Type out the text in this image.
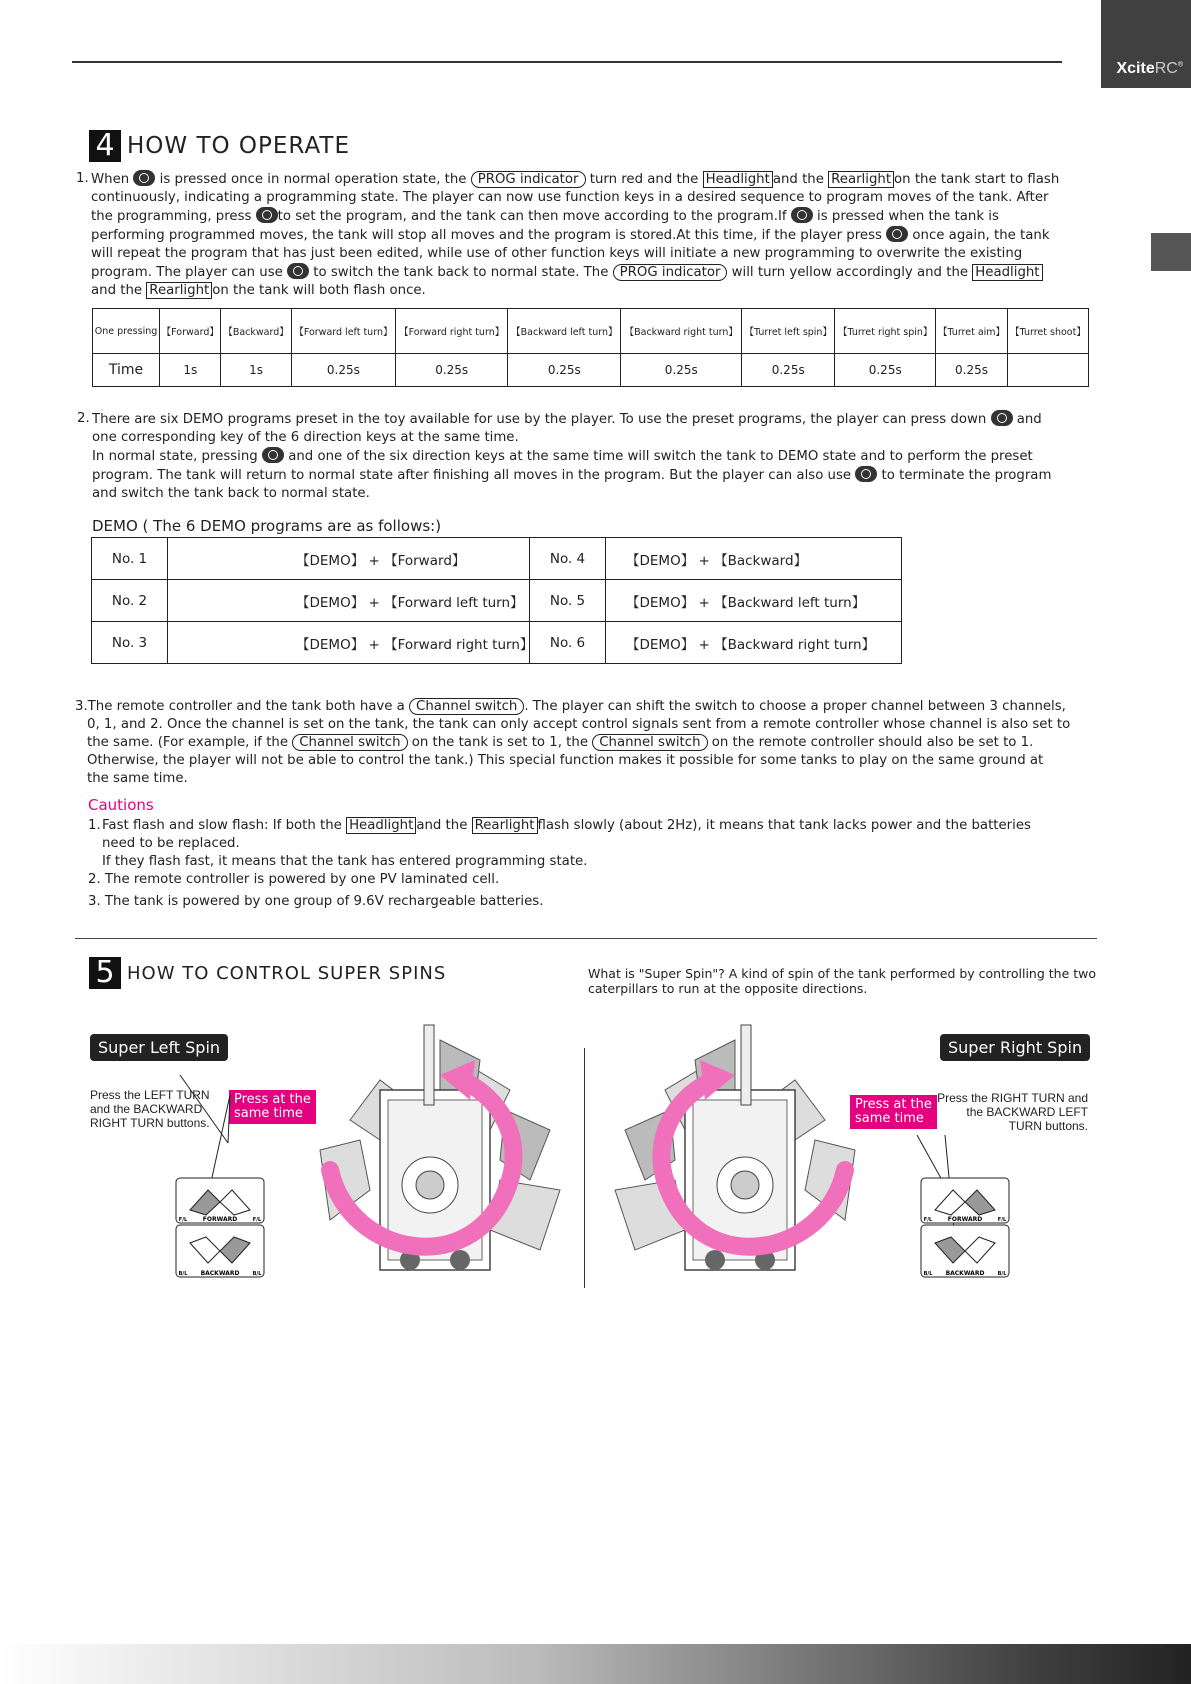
XciteRC®
4 HOW TO OPERATE
1. When  is pressed once in normal operation state, the PROG indicator turn red and the Headlight and the Rearlight on the tank start to flash

continuously, indicating a programming state. The player can now use function keys in a desired sequence to program moves of the tank. After

the programming, press to set the program, and the tank can then move according to the program.If  is pressed when the tank is

performing programmed moves, the tank will stop all moves and the program is stored.At this time, if the player press  once again, the tank

will repeat the program that has just been edited, while use of other function keys will initiate a new programming to overwrite the existing

program. The player can use  to switch the tank back to normal state. The PROG indicator will turn yellow accordingly and the Headlight

and the Rearlight on the tank will both flash once.

One pressing	【Forward】	【Backward】	【Forward left turn】	【Forward right turn】	【Backward left turn】	【Backward right turn】	【Turret left spin】	【Turret right spin】	【Turret aim】	【Turret shoot】
Time	1s	1s	0.25s	0.25s	0.25s	0.25s	0.25s	0.25s	0.25s	
2. There are six DEMO programs preset in the toy available for use by the player. To use the preset programs, the player can press down  and

one corresponding key of the 6 direction keys at the same time.

In normal state, pressing  and one of the six direction keys at the same time will switch the tank to DEMO state and to perform the preset

program. The tank will return to normal state after finishing all moves in the program. But the player can also use  to terminate the program

and switch the tank back to normal state.

DEMO ( The 6 DEMO programs are as follows:)
No. 1	【DEMO】 + 【Forward】	No. 4	【DEMO】 + 【Backward】
No. 2	【DEMO】 + 【Forward left turn】	No. 5	【DEMO】 + 【Backward left turn】
No. 3	【DEMO】 + 【Forward right turn】	No. 6	【DEMO】 + 【Backward right turn】

3.The remote controller and the tank both have a Channel switch . The player can shift the switch to choose a proper channel between 3 channels,

0, 1, and 2. Once the channel is set on the tank, the tank can only accept control signals sent from a remote controller whose channel is also set to

the same. (For example, if the Channel switch on the tank is set to 1, the Channel switch on the remote controller should also be set to 1.

Otherwise, the player will not be able to control the tank.) This special function makes it possible for some tanks to play on the same ground at

the same time.

Cautions
1. Fast flash and slow flash: If both the Headlight and the Rearlight flash slowly (about 2Hz), it means that tank lacks power and the batteries
need to be replaced.
If they flash fast, it means that the tank has entered programming state.
2. The remote controller is powered by one PV laminated cell.
3. The tank is powered by one group of 9.6V rechargeable batteries.
5 HOW TO CONTROL SUPER SPINS	What is "Super Spin"? A kind of spin of the tank performed by controlling the two caterpillars to run at the opposite directions.
Super Left Spin	Super Right Spin
Press the LEFT TURN
and the BACKWARD
RIGHT TURN buttons.
Press at the
same time
Press the RIGHT TURN and
the BACKWARD LEFT
TURN buttons.
Press at the
same time
FORWARD
F/L	F/L
BACKWARD
B/L	B/L
FORWARD
F/L	F/L
BACKWARD
B/L	B/L
